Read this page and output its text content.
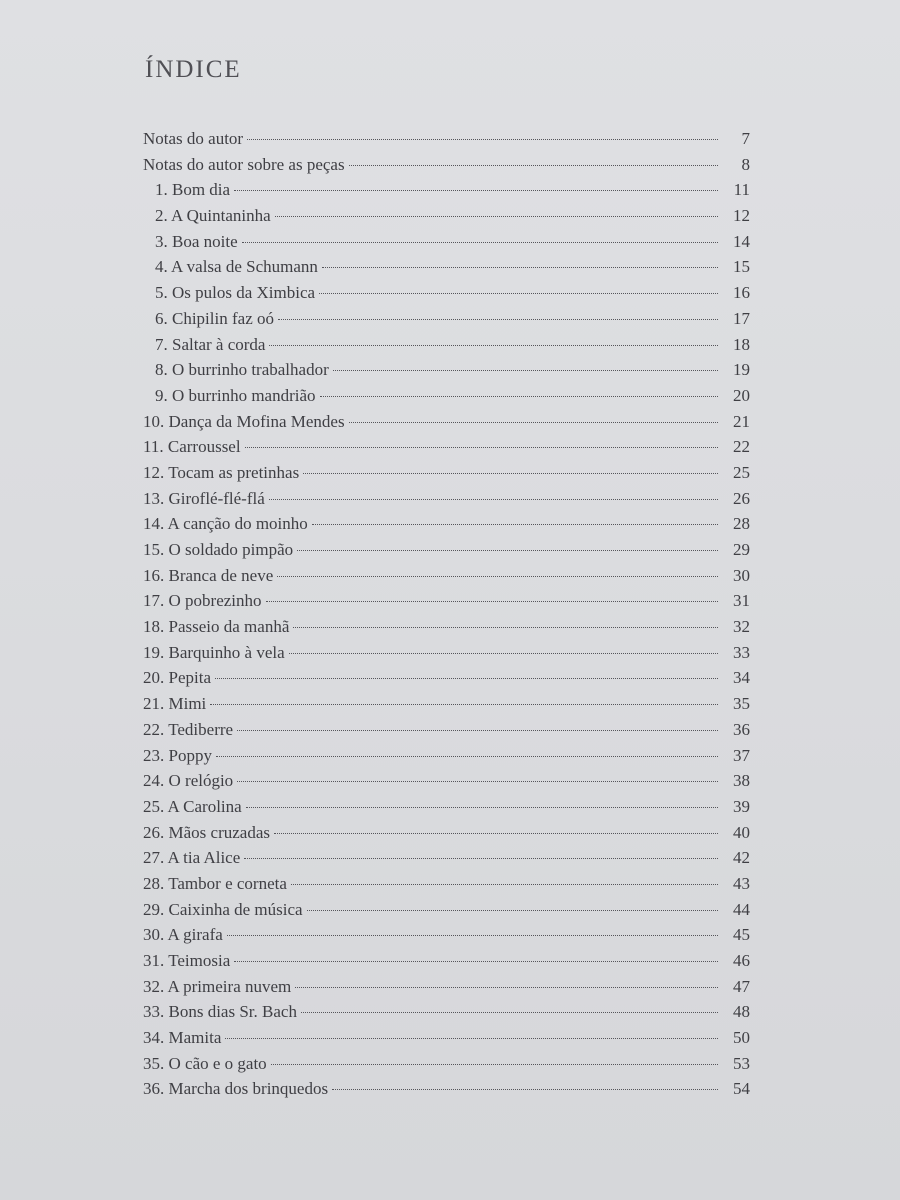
ÍNDICE
Notas do autor	7
Notas do autor sobre as peças	8
1. Bom dia	11
2. A Quintaninha	12
3. Boa noite	14
4. A valsa de Schumann	15
5. Os pulos da Ximbica	16
6. Chipilin faz oó	17
7. Saltar à corda	18
8. O burrinho trabalhador	19
9. O burrinho mandrião	20
10. Dança da Mofina Mendes	21
11. Carroussel	22
12. Tocam as pretinhas	25
13. Giroflé-flé-flá	26
14. A canção do moinho	28
15. O soldado pimpão	29
16. Branca de neve	30
17. O pobrezinho	31
18. Passeio da manhã	32
19. Barquinho à vela	33
20. Pepita	34
21. Mimi	35
22. Tediberre	36
23. Poppy	37
24. O relógio	38
25. A Carolina	39
26. Mãos cruzadas	40
27. A tia Alice	42
28. Tambor e corneta	43
29. Caixinha de música	44
30. A girafa	45
31. Teimosia	46
32. A primeira nuvem	47
33. Bons dias Sr. Bach	48
34. Mamita	50
35. O cão e o gato	53
36. Marcha dos brinquedos	54
